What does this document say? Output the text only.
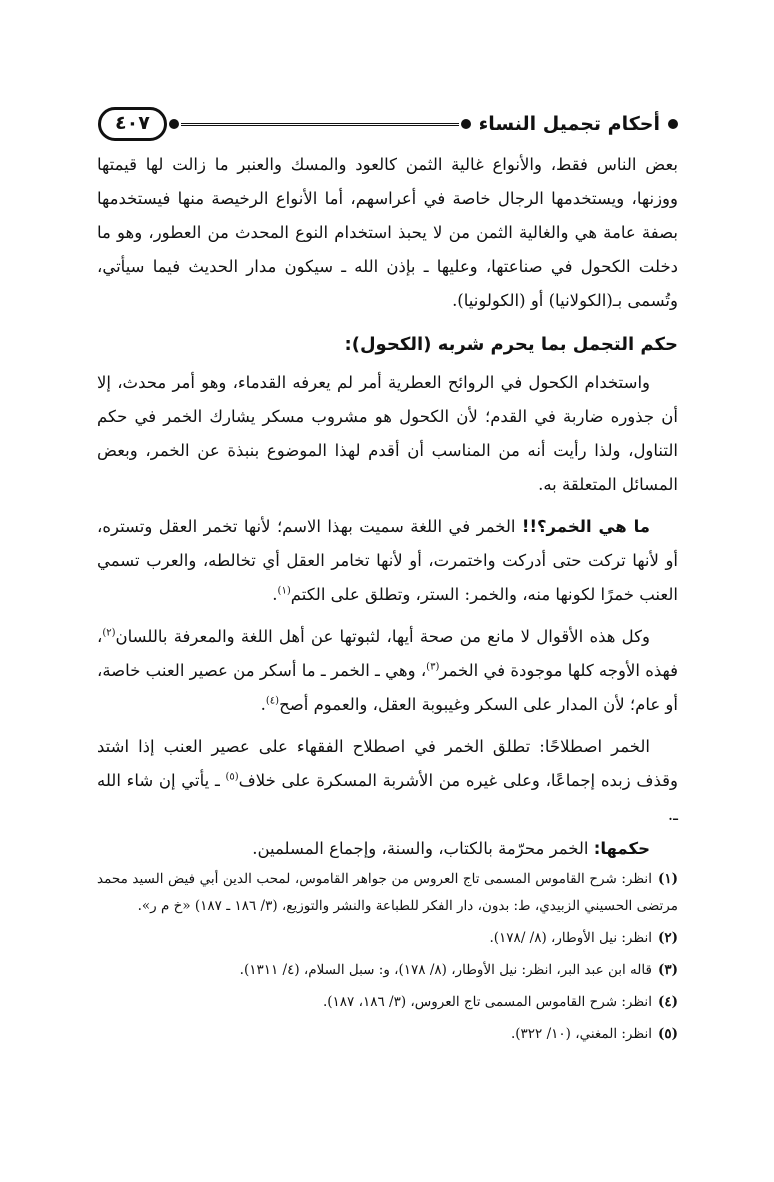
أحكام تجميل النساء
٤٠٧

بعض الناس فقط، والأنواع غالية الثمن كالعود والمسك والعنبر ما زالت لها قيمتها ووزنها، ويستخدمها الرجال خاصة في أعراسهم، أما الأنواع الرخيصة منها فيستخدمها بصفة عامة هي والغالية الثمن من لا يحبذ استخدام النوع المحدث من العطور، وهو ما دخلت الكحول في صناعتها، وعليها ـ بإذن الله ـ سيكون مدار الحديث فيما سيأتي، وتُسمى بـ(الكولانيا) أو (الكولونيا).

حكم التجمل بما يحرم شربه (الكحول):

واستخدام الكحول في الروائح العطرية أمر لم يعرفه القدماء، وهو أمر محدث، إلا أن جذوره ضاربة في القدم؛ لأن الكحول هو مشروب مسكر يشارك الخمر في حكم التناول، ولذا رأيت أنه من المناسب أن أقدم لهذا الموضوع بنبذة عن الخمر، وبعض المسائل المتعلقة به.

ما هي الخمر؟!! الخمر في اللغة سميت بهذا الاسم؛ لأنها تخمر العقل وتستره، أو لأنها تركت حتى أدركت واختمرت، أو لأنها تخامر العقل أي تخالطه، والعرب تسمي العنب خمرًا لكونها منه، والخمر: الستر، وتطلق على الكتم$^{(١)}$.

وكل هذه الأقوال لا مانع من صحة أيها، لثبوتها عن أهل اللغة والمعرفة باللسان$^{(٢)}$، فهذه الأوجه كلها موجودة في الخمر$^{(٣)}$، وهي ـ الخمر ـ ما أسكر من عصير العنب خاصة، أو عام؛ لأن المدار على السكر وغيبوبة العقل، والعموم أصح$^{(٤)}$.

الخمر اصطلاحًا: تطلق الخمر في اصطلاح الفقهاء على عصير العنب إذا اشتد وقذف زبده إجماعًا، وعلى غيره من الأشربة المسكرة على خلاف$^{(٥)}$ ـ يأتي إن شاء الله ـ.

حكمها: الخمر محرّمة بالكتاب، والسنة، وإجماع المسلمين.

(١)انظر: شرح القاموس المسمى تاج العروس من جواهر القاموس، لمحب الدين أبي فيض السيد محمد مرتضى الحسيني الزبيدي، ط: بدون، دار الفكر للطباعة والنشر والتوزيع، (٣/ ١٨٦ ـ ١٨٧) «خ م ر».

(٢)انظر: نيل الأوطار، (٨/ /١٧٨).

(٣)قاله ابن عبد البر، انظر: نيل الأوطار، (٨/ ١٧٨)، و: سبل السلام، (٤/ ١٣١١).

(٤)انظر: شرح القاموس المسمى تاج العروس، (٣/ ١٨٦، ١٨٧).

(٥)انظر: المغني، (١٠/ ٣٢٢).
